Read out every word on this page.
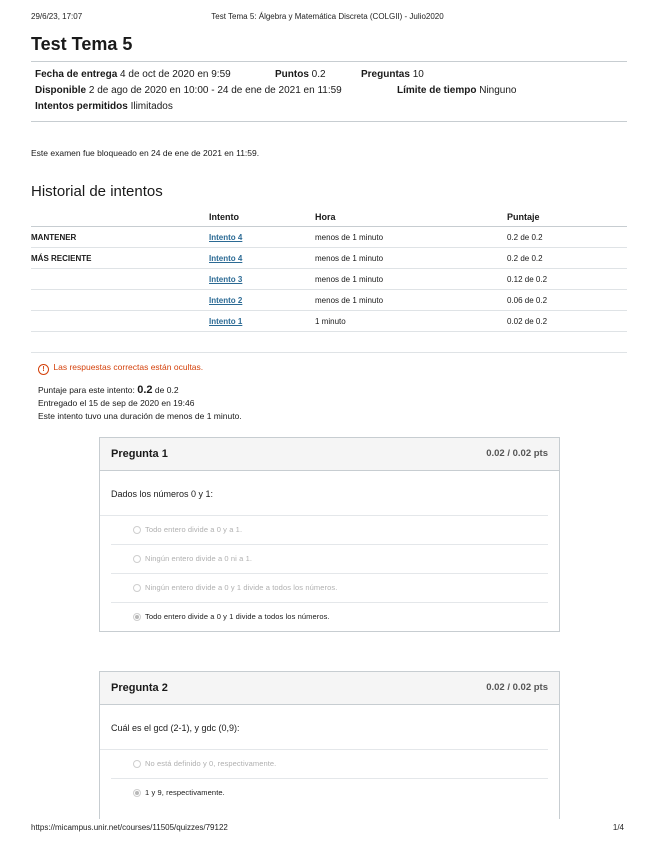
29/6/23, 17:07	Test Tema 5: Álgebra y Matemática Discreta (COLGII) - Julio2020
Test Tema 5
Fecha de entrega 4 de oct de 2020 en 9:59	Puntos 0.2	Preguntas 10
Disponible 2 de ago de 2020 en 10:00 - 24 de ene de 2021 en 11:59	Límite de tiempo Ninguno
Intentos permitidos Ilimitados
Este examen fue bloqueado en 24 de ene de 2021 en 11:59.
Historial de intentos
	Intento	Hora	Puntaje
MANTENER	Intento 4	menos de 1 minuto	0.2 de 0.2
MÁS RECIENTE	Intento 4	menos de 1 minuto	0.2 de 0.2
	Intento 3	menos de 1 minuto	0.12 de 0.2
	Intento 2	menos de 1 minuto	0.06 de 0.2
	Intento 1	1 minuto	0.02 de 0.2

! Las respuestas correctas están ocultas.
Puntaje para este intento: 0.2 de 0.2
Entregado el 15 de sep de 2020 en 19:46
Este intento tuvo una duración de menos de 1 minuto.
Pregunta 1	0.02 / 0.02 pts
Dados los números 0 y 1:
Todo entero divide a 0 y a 1.
Ningún entero divide a 0 ni a 1.
Ningún entero divide a 0 y 1 divide a todos los números.
Todo entero divide a 0 y 1 divide a todos los números.
Pregunta 2	0.02 / 0.02 pts
Cuál es el gcd (2-1), y gdc (0,9):
No está definido y 0, respectivamente.
1 y 9, respectivamente.
https://micampus.unir.net/courses/11505/quizzes/79122	1/4
